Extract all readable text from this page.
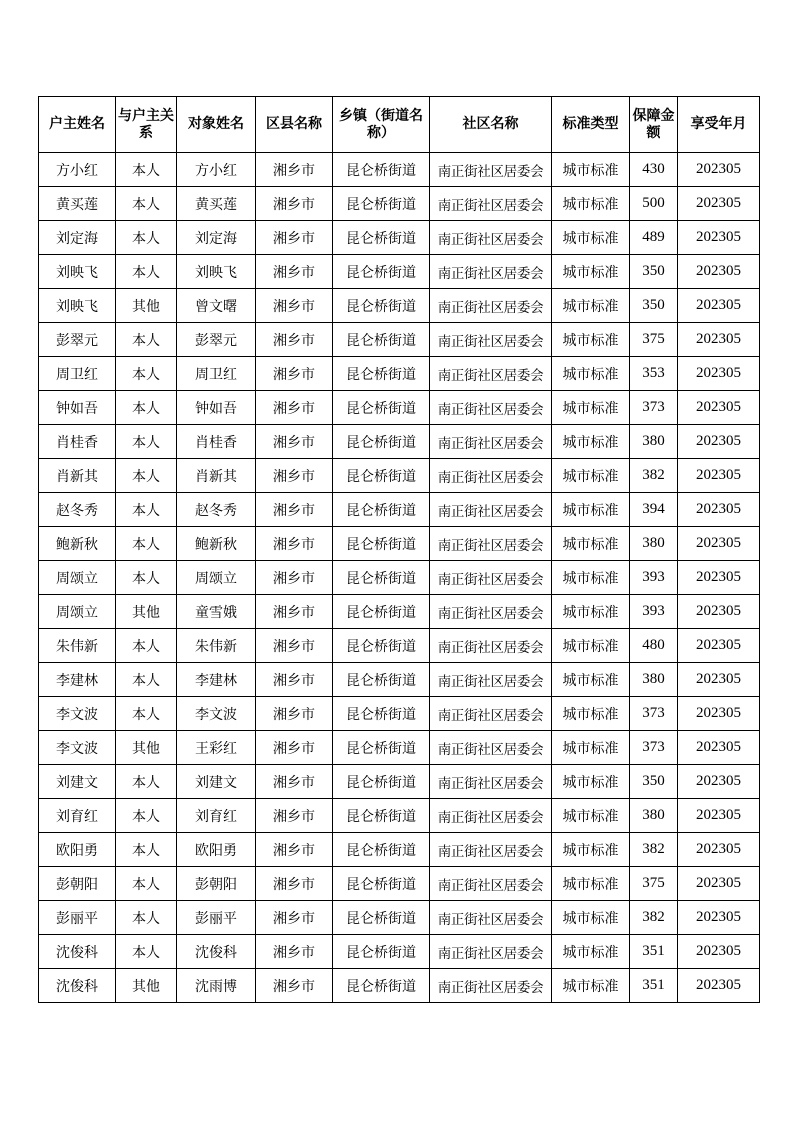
户主姓名	与户主关系	对象姓名	区县名称	乡镇（街道名称）	社区名称	标准类型	保障金额	享受年月
方小红	本人	方小红	湘乡市	昆仑桥街道	南正街社区居委会	城市标准	430	202305
黄买莲	本人	黄买莲	湘乡市	昆仑桥街道	南正街社区居委会	城市标准	500	202305
刘定海	本人	刘定海	湘乡市	昆仑桥街道	南正街社区居委会	城市标准	489	202305
刘映飞	本人	刘映飞	湘乡市	昆仑桥街道	南正街社区居委会	城市标准	350	202305
刘映飞	其他	曾文曙	湘乡市	昆仑桥街道	南正街社区居委会	城市标准	350	202305
彭翠元	本人	彭翠元	湘乡市	昆仑桥街道	南正街社区居委会	城市标准	375	202305
周卫红	本人	周卫红	湘乡市	昆仑桥街道	南正街社区居委会	城市标准	353	202305
钟如吾	本人	钟如吾	湘乡市	昆仑桥街道	南正街社区居委会	城市标准	373	202305
肖桂香	本人	肖桂香	湘乡市	昆仑桥街道	南正街社区居委会	城市标准	380	202305
肖新其	本人	肖新其	湘乡市	昆仑桥街道	南正街社区居委会	城市标准	382	202305
赵冬秀	本人	赵冬秀	湘乡市	昆仑桥街道	南正街社区居委会	城市标准	394	202305
鲍新秋	本人	鲍新秋	湘乡市	昆仑桥街道	南正街社区居委会	城市标准	380	202305
周颂立	本人	周颂立	湘乡市	昆仑桥街道	南正街社区居委会	城市标准	393	202305
周颂立	其他	童雪娥	湘乡市	昆仑桥街道	南正街社区居委会	城市标准	393	202305
朱伟新	本人	朱伟新	湘乡市	昆仑桥街道	南正街社区居委会	城市标准	480	202305
李建林	本人	李建林	湘乡市	昆仑桥街道	南正街社区居委会	城市标准	380	202305
李文波	本人	李文波	湘乡市	昆仑桥街道	南正街社区居委会	城市标准	373	202305
李文波	其他	王彩红	湘乡市	昆仑桥街道	南正街社区居委会	城市标准	373	202305
刘建文	本人	刘建文	湘乡市	昆仑桥街道	南正街社区居委会	城市标准	350	202305
刘育红	本人	刘育红	湘乡市	昆仑桥街道	南正街社区居委会	城市标准	380	202305
欧阳勇	本人	欧阳勇	湘乡市	昆仑桥街道	南正街社区居委会	城市标准	382	202305
彭朝阳	本人	彭朝阳	湘乡市	昆仑桥街道	南正街社区居委会	城市标准	375	202305
彭丽平	本人	彭丽平	湘乡市	昆仑桥街道	南正街社区居委会	城市标准	382	202305
沈俊科	本人	沈俊科	湘乡市	昆仑桥街道	南正街社区居委会	城市标准	351	202305
沈俊科	其他	沈雨博	湘乡市	昆仑桥街道	南正街社区居委会	城市标准	351	202305
